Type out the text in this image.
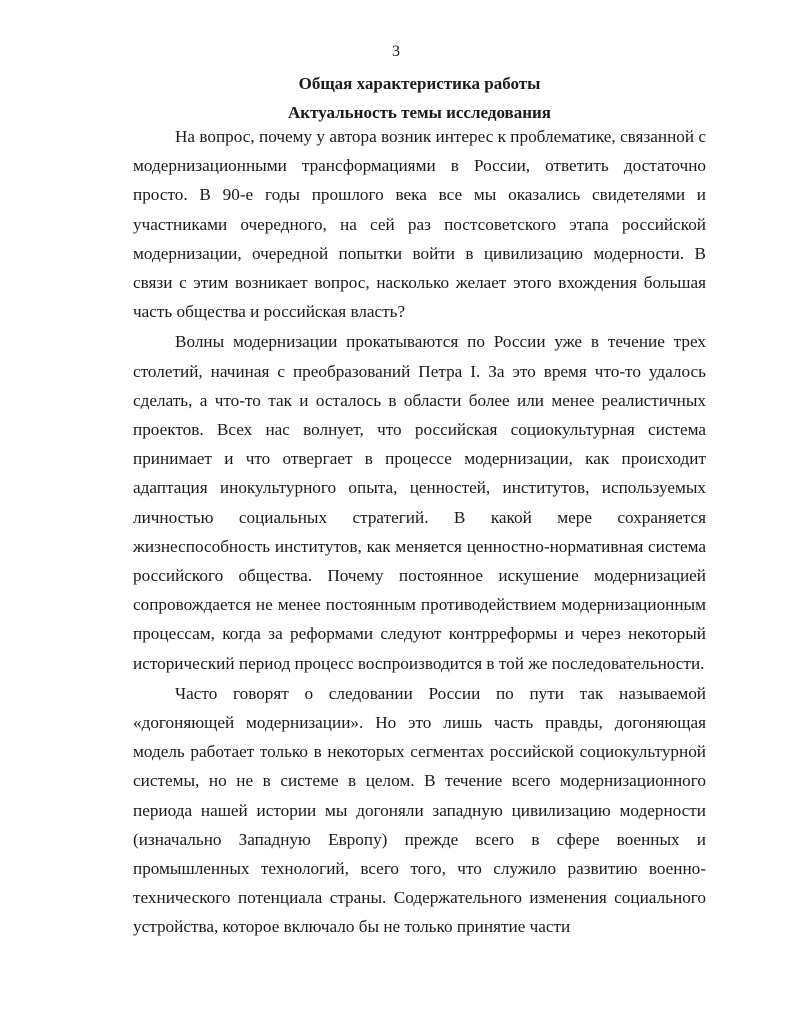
3
Общая характеристика работы
Актуальность темы исследования

На вопрос, почему у автора возник интерес к проблематике, связанной с модернизационными трансформациями в России, ответить достаточно просто. В 90-е годы прошлого века все мы оказались свидетелями и участниками очередного, на сей раз постсоветского этапа российской модернизации, очередной попытки войти в цивилизацию модерности. В связи с этим возникает вопрос, насколько желает этого вхождения большая часть общества и российская власть?

Волны модернизации прокатываются по России уже в течение трех столетий, начиная с преобразований Петра I. За это время что-то удалось сделать, а что-то так и осталось в области более или менее реалистичных проектов. Всех нас волнует, что российская социокультурная система принимает и что отвергает в процессе модернизации, как происходит адаптация инокультурного опыта, ценностей, институтов, используемых личностью социальных стратегий. В какой мере сохраняется жизнеспособность институтов, как меняется ценностно-нормативная система российского общества. Почему постоянное искушение модернизацией сопровождается не менее постоянным противодействием модернизационным процессам, когда за реформами следуют контрреформы и через некоторый исторический период процесс воспроизводится в той же последовательности.

Часто говорят о следовании России по пути так называемой «догоняющей модернизации». Но это лишь часть правды, догоняющая модель работает только в некоторых сегментах российской социокультурной системы, но не в системе в целом. В течение всего модернизационного периода нашей истории мы догоняли западную цивилизацию модерности (изначально Западную Европу) прежде всего в сфере военных и промышленных технологий, всего того, что служило развитию военно-технического потенциала страны. Содержательного изменения социального устройства, которое включало бы не только принятие части
